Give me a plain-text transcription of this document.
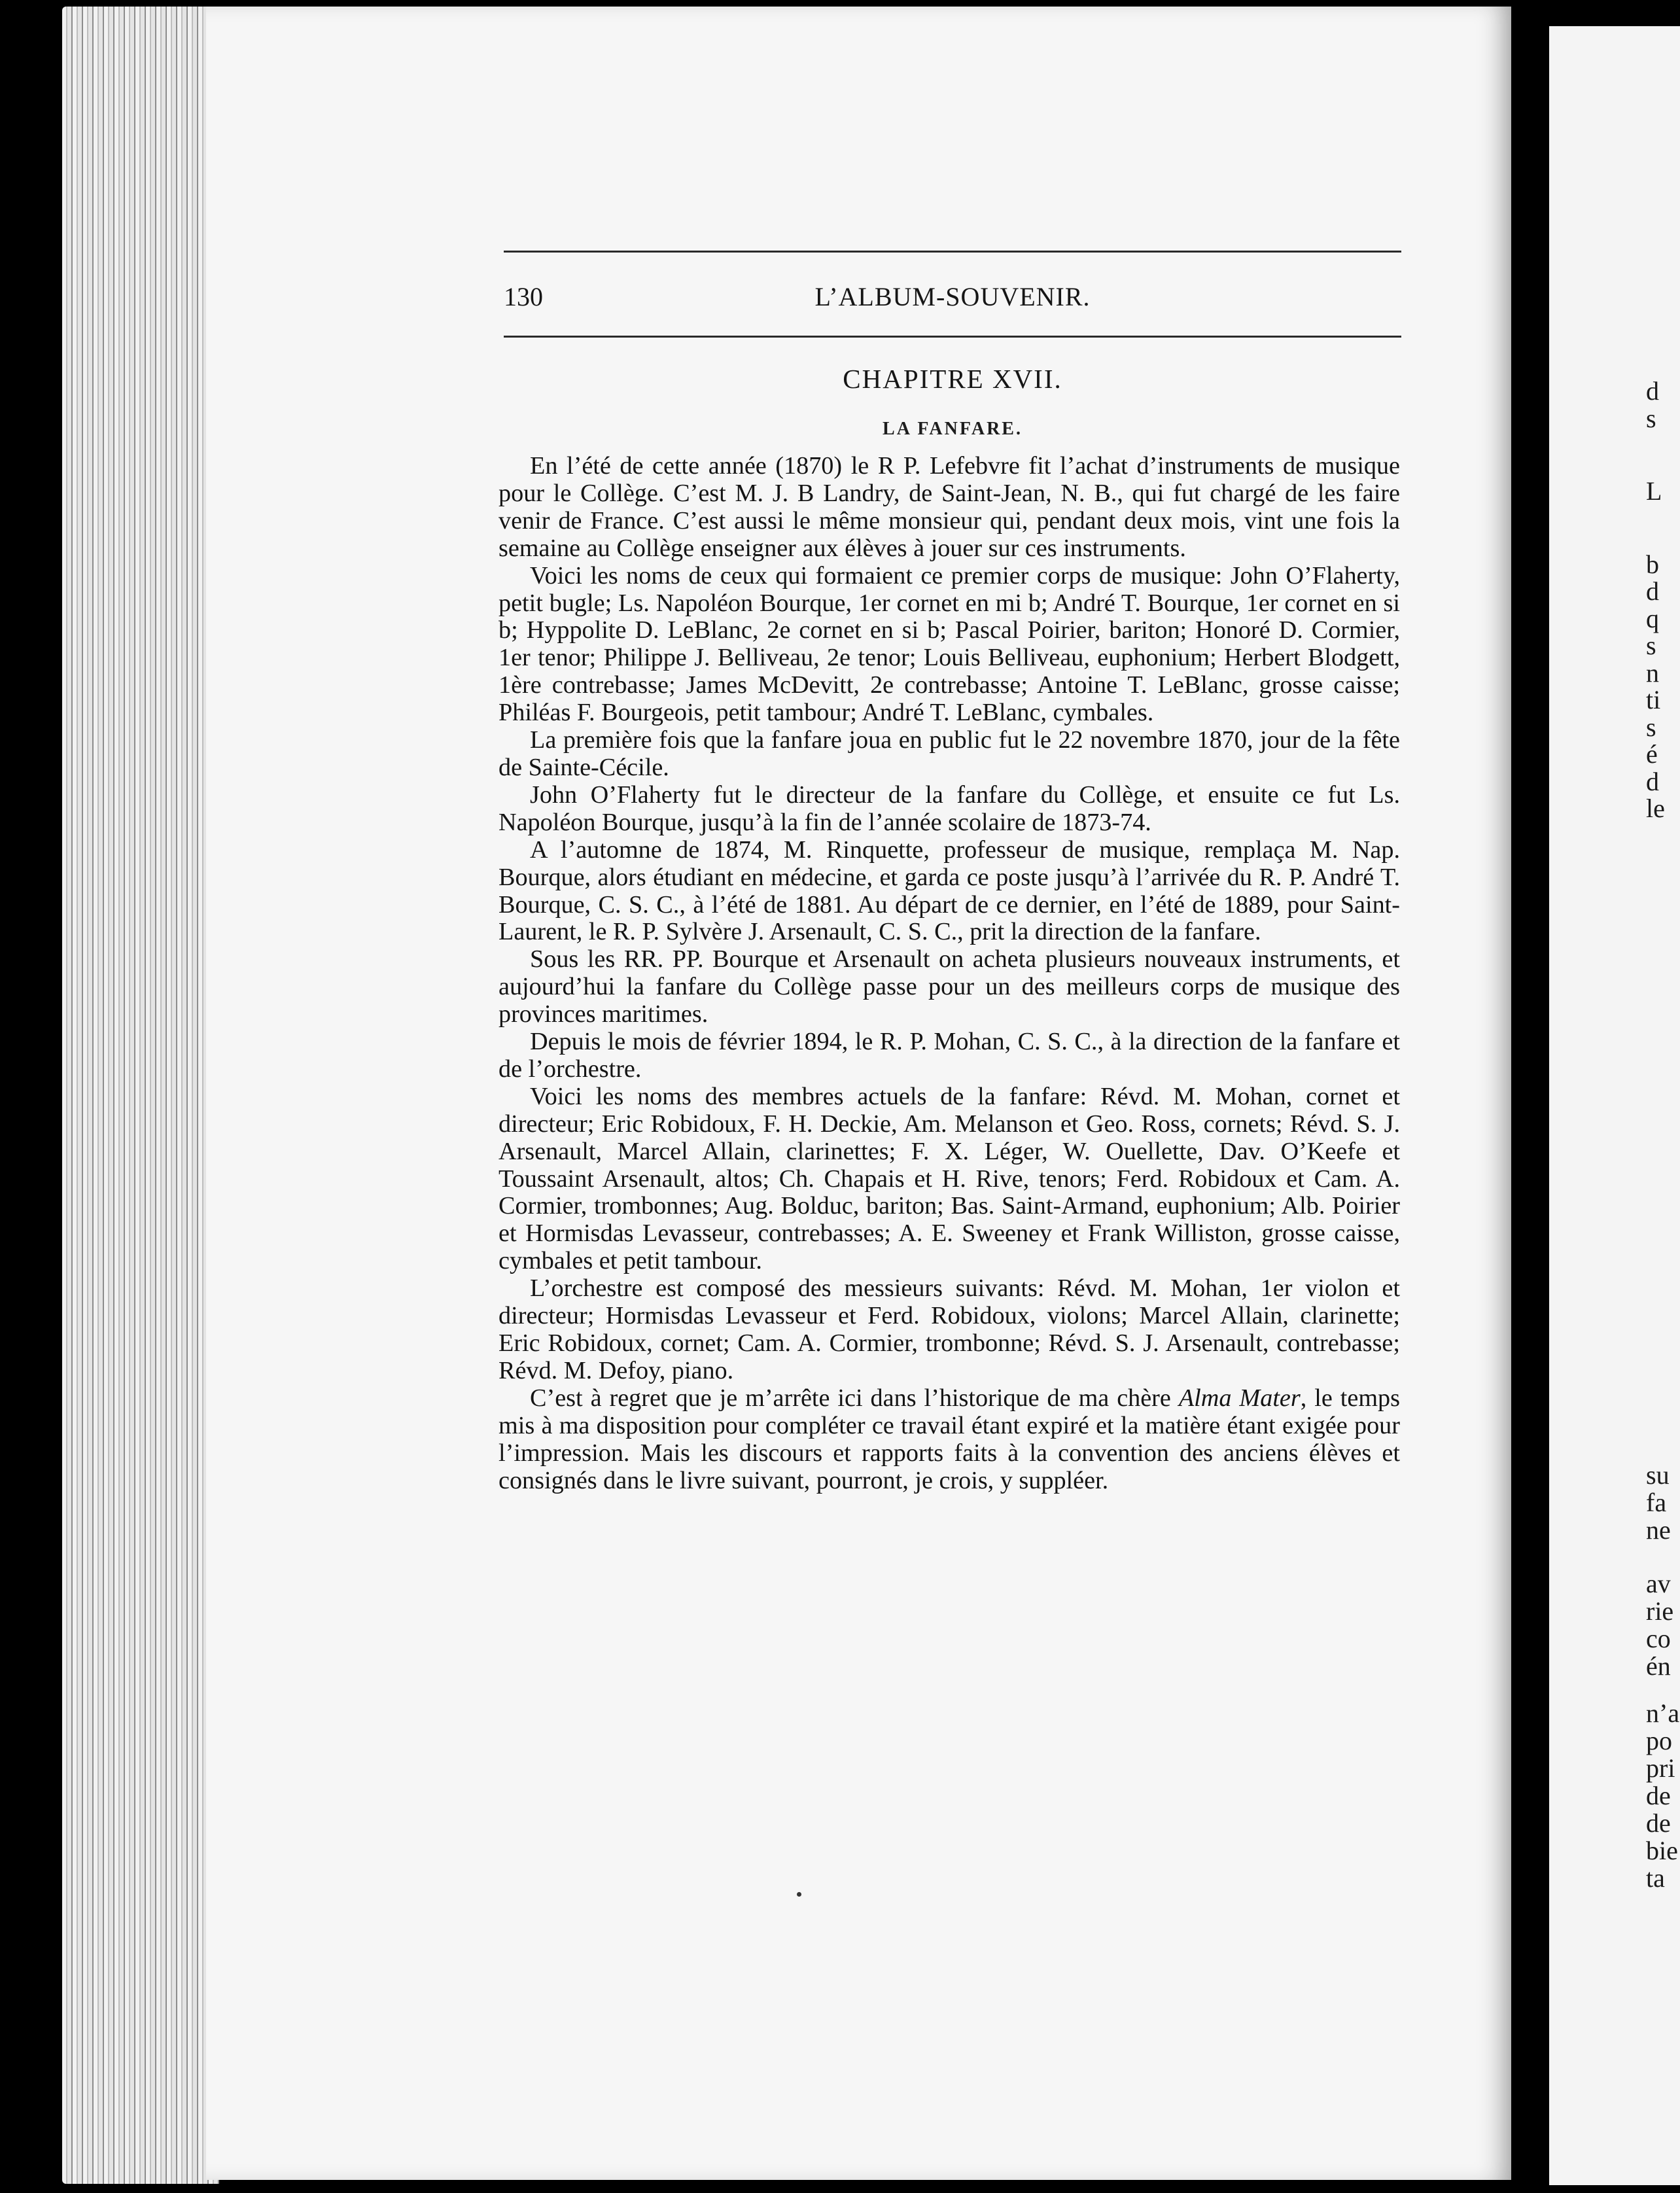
130	L’ALBUM-SOUVENIR.
CHAPITRE XVII.
LA FANFARE.

En l’été de cette année (1870) le R P. Lefebvre fit l’achat d’instruments de musique pour le Collège. C’est M. J. B Landry, de Saint-Jean, N. B., qui fut chargé de les faire venir de France. C’est aussi le même monsieur qui, pendant deux mois, vint une fois la semaine au Collège enseigner aux élèves à jouer sur ces instruments.

Voici les noms de ceux qui formaient ce premier corps de musique: John O’Flaherty, petit bugle; Ls. Napoléon Bourque, 1er cornet en mi b; André T. Bourque, 1er cornet en si b; Hyppolite D. LeBlanc, 2e cornet en si b; Pascal Poirier, bariton; Honoré D. Cormier, 1er tenor; Philippe J. Belliveau, 2e tenor; Louis Belliveau, euphonium; Herbert Blodgett, 1ère contrebasse; James McDevitt, 2e contrebasse; Antoine T. LeBlanc, grosse caisse; Philéas F. Bourgeois, petit tambour; André T. LeBlanc, cymbales.

La première fois que la fanfare joua en public fut le 22 novembre 1870, jour de la fête de Sainte-Cécile.

John O’Flaherty fut le directeur de la fanfare du Collège, et ensuite ce fut Ls. Napoléon Bourque, jusqu’à la fin de l’année scolaire de 1873-74.

A l’automne de 1874, M. Rinquette, professeur de musique, remplaça M. Nap. Bourque, alors étudiant en médecine, et garda ce poste jusqu’à l’arrivée du R. P. André T. Bourque, C. S. C., à l’été de 1881. Au départ de ce dernier, en l’été de 1889, pour Saint-Laurent, le R. P. Sylvère J. Arsenault, C. S. C., prit la direction de la fanfare.

Sous les RR. PP. Bourque et Arsenault on acheta plusieurs nouveaux instruments, et aujourd’hui la fanfare du Collège passe pour un des meilleurs corps de musique des provinces maritimes.

Depuis le mois de février 1894, le R. P. Mohan, C. S. C., à la direction de la fanfare et de l’orchestre.

Voici les noms des membres actuels de la fanfare: Révd. M. Mohan, cornet et directeur; Eric Robidoux, F. H. Deckie, Am. Melanson et Geo. Ross, cornets; Révd. S. J. Arsenault, Marcel Allain, clarinettes; F. X. Léger, W. Ouellette, Dav. O’Keefe et Toussaint Arsenault, altos; Ch. Chapais et H. Rive, tenors; Ferd. Robidoux et Cam. A. Cormier, trombonnes; Aug. Bolduc, bariton; Bas. Saint-Armand, euphonium; Alb. Poirier et Hormisdas Levasseur, contrebasses; A. E. Sweeney et Frank Williston, grosse caisse, cymbales et petit tambour.

L’orchestre est composé des messieurs suivants: Révd. M. Mohan, 1er violon et directeur; Hormisdas Levasseur et Ferd. Robidoux, violons; Marcel Allain, clarinette; Eric Robidoux, cornet; Cam. A. Cormier, trombonne; Révd. S. J. Arsenault, contrebasse; Révd. M. Defoy, piano.

C’est à regret que je m’arrête ici dans l’historique de ma chère Alma Mater, le temps mis à ma disposition pour compléter ce travail étant expiré et la matière étant exigée pour l’impression. Mais les discours et rapports faits à la convention des anciens élèves et consignés dans le livre suivant, pourront, je crois, y suppléer.

d
s
L
b
d
q
s
n
ti
s
é
d
le
su
fa
ne
av
rie
co
én
n’a
po
pri
de
de
bie
ta
